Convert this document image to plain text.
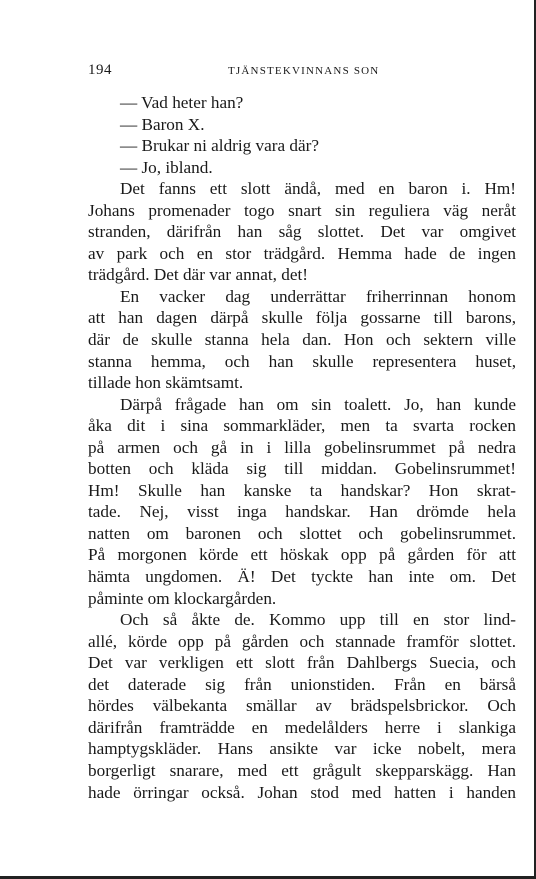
194	TJÄNSTEKVINNANS SON
— Vad heter han?
— Baron X.
— Brukar ni aldrig vara där?
— Jo, ibland.
Det fanns ett slott ändå, med en baron i. Hm!
Johans promenader togo snart sin reguliera väg neråt
stranden, därifrån han såg slottet. Det var omgivet
av park och en stor trädgård. Hemma hade de ingen
trädgård. Det där var annat, det!
En vacker dag underrättar friherrinnan honom
att han dagen därpå skulle följa gossarne till barons,
där de skulle stanna hela dan. Hon och sektern ville
stanna hemma, och han skulle representera huset,
tillade hon skämtsamt.
Därpå frågade han om sin toalett. Jo, han kunde
åka dit i sina sommarkläder, men ta svarta rocken
på armen och gå in i lilla gobelinsrummet på nedra
botten och kläda sig till middan. Gobelinsrummet!
Hm! Skulle han kanske ta handskar? Hon skrat-
tade. Nej, visst inga handskar. Han drömde hela
natten om baronen och slottet och gobelinsrummet.
På morgonen körde ett höskak opp på gården för att
hämta ungdomen. Ä! Det tyckte han inte om. Det
påminte om klockargården.
Och så åkte de. Kommo upp till en stor lind-
allé, körde opp på gården och stannade framför slottet.
Det var verkligen ett slott från Dahlbergs Suecia, och
det daterade sig från unionstiden. Från en bärså
hördes välbekanta smällar av brädspelsbrickor. Och
därifrån framträdde en medelålders herre i slankiga
hamptygskläder. Hans ansikte var icke nobelt, mera
borgerligt snarare, med ett grågult skepparskägg. Han
hade örringar också. Johan stod med hatten i handen
